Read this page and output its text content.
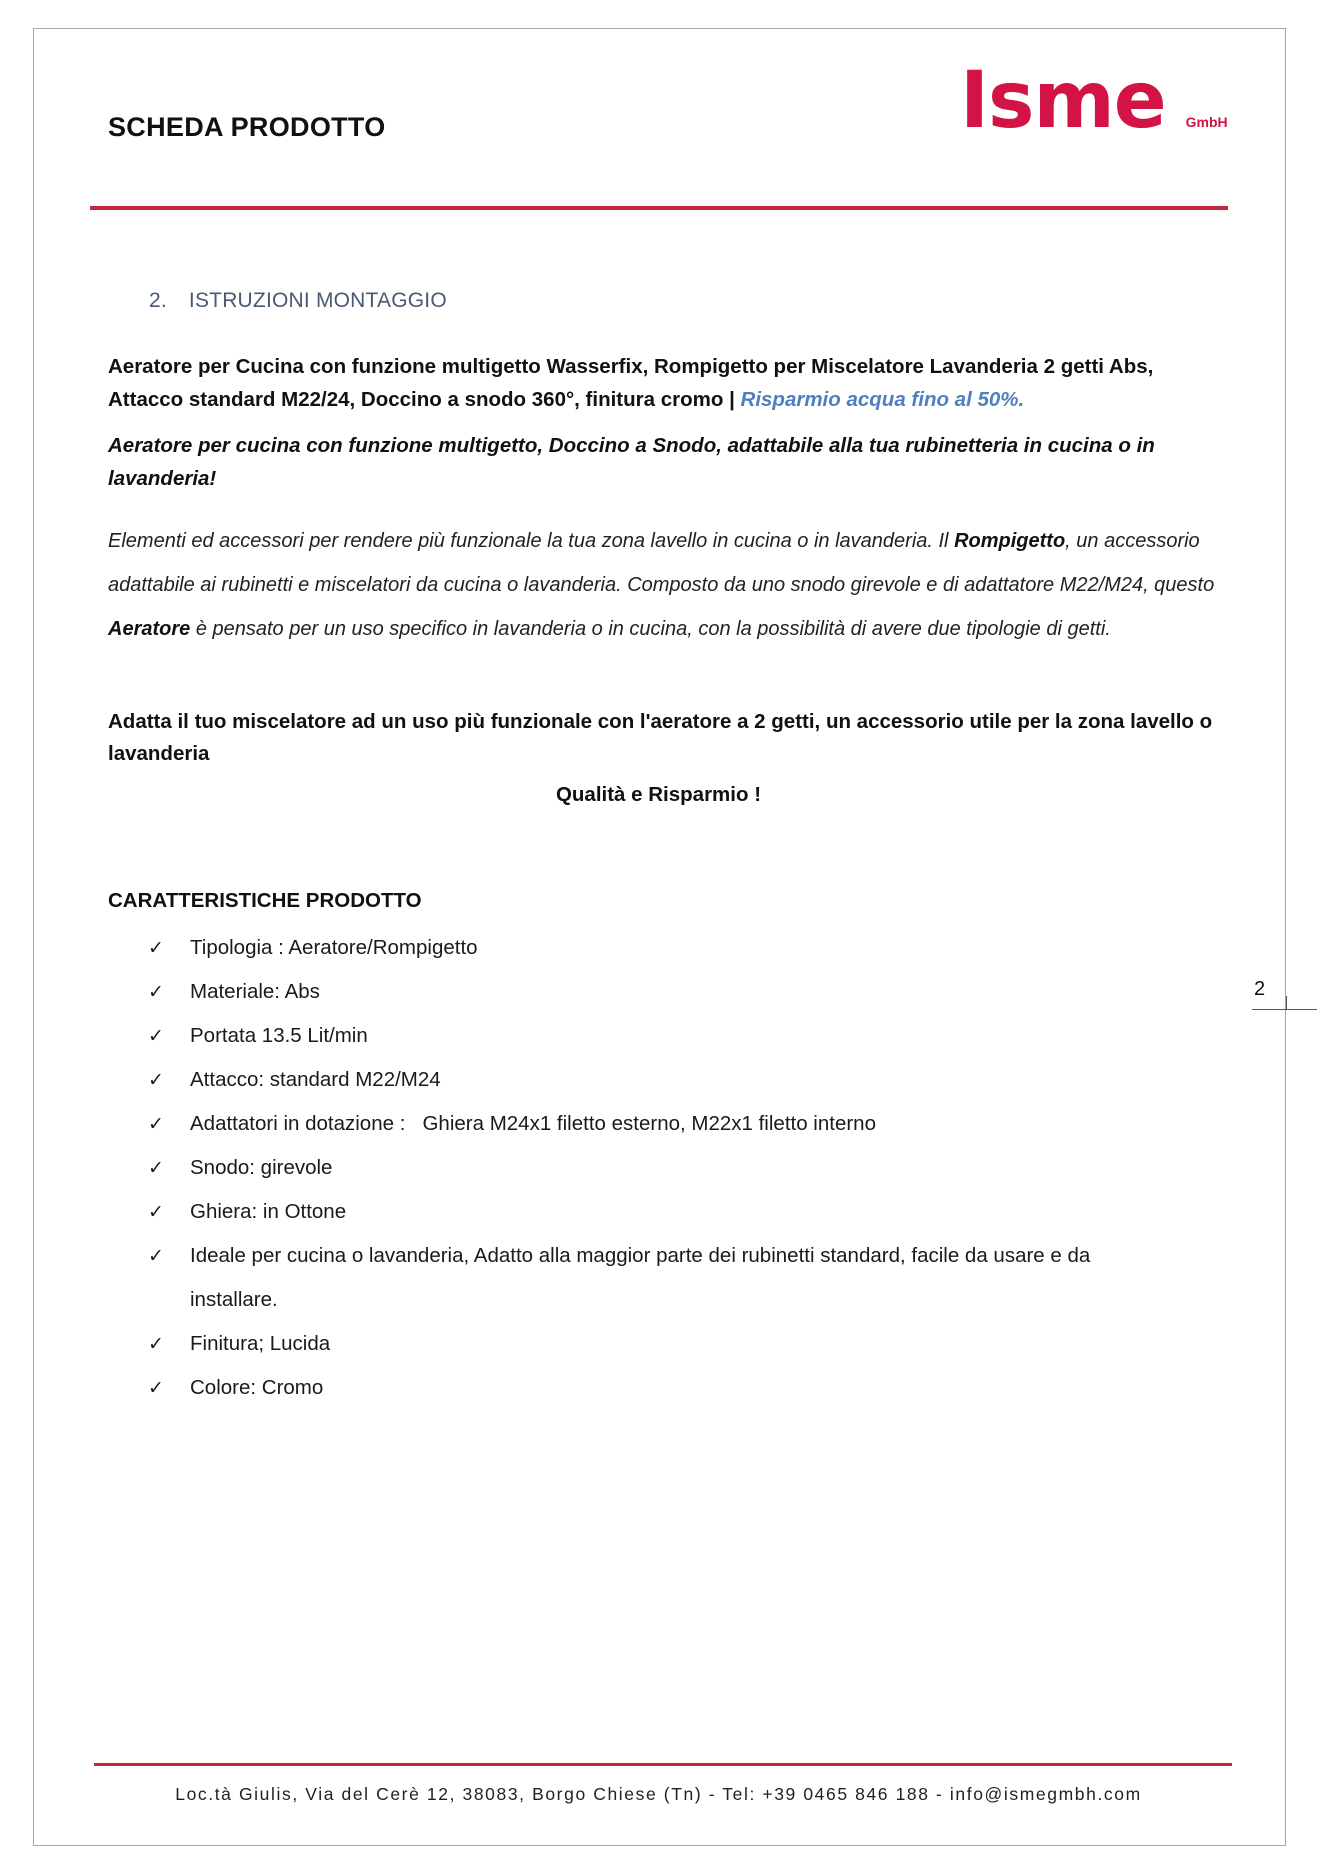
SCHEDA PRODOTTO	Isme GmbH
2. ISTRUZIONI MONTAGGIO
Aeratore per Cucina con funzione multigetto Wasserfix, Rompigetto per Miscelatore Lavanderia 2 getti Abs, Attacco standard M22/24, Doccino a snodo 360°, finitura cromo | Risparmio acqua fino al 50%.
Aeratore per cucina con funzione multigetto, Doccino a Snodo, adattabile alla tua rubinetteria in cucina o in lavanderia!
Elementi ed accessori per rendere più funzionale la tua zona lavello in cucina o in lavanderia. Il Rompigetto, un accessorio adattabile ai rubinetti e miscelatori da cucina o lavanderia. Composto da uno snodo girevole e di adattatore M22/M24, questo Aeratore è pensato per un uso specifico in lavanderia o in cucina, con la possibilità di avere due tipologie di getti.
Adatta il tuo miscelatore ad un uso più funzionale con l'aeratore a 2 getti, un accessorio utile per la zona lavello o lavanderia
Qualità e Risparmio !
CARATTERISTICHE PRODOTTO
✓ Tipologia : Aeratore/Rompigetto
✓ Materiale: Abs
✓ Portata 13.5 Lit/min
✓ Attacco: standard M22/M24
✓ Adattatori in dotazione :   Ghiera M24x1 filetto esterno, M22x1 filetto interno
✓ Snodo: girevole
✓ Ghiera: in Ottone
✓ Ideale per cucina o lavanderia, Adatto alla maggior parte dei rubinetti standard, facile da usare e da installare.
✓ Finitura; Lucida
✓ Colore: Cromo
2
Loc.tà Giulis, Via del Cerè 12, 38083, Borgo Chiese (Tn) - Tel: +39 0465 846 188 - info@ismegmbh.com
